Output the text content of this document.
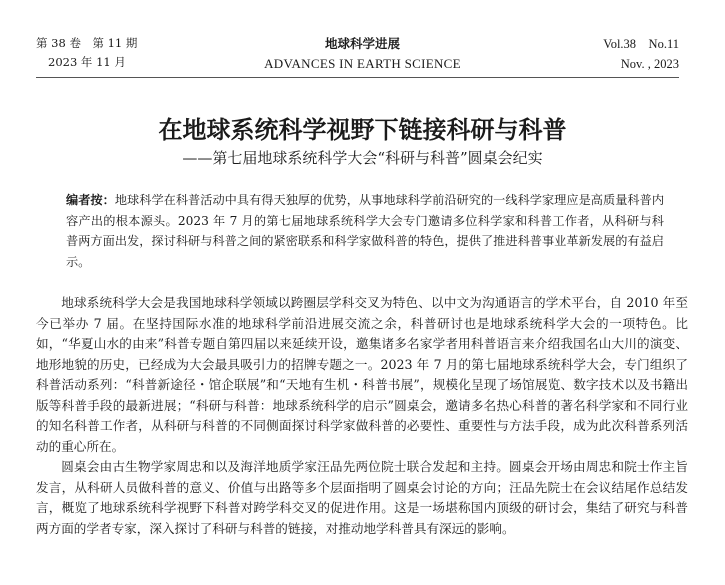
第 38 卷　第 11 期
2023 年 11 月
地球科学进展
ADVANCES IN EARTH SCIENCE
Vol.38　No.11
Nov. , 2023
在地球系统科学视野下链接科研与科普
——第七届地球系统科学大会“科研与科普”圆桌会纪实
编者按：地球科学在科普活动中具有得天独厚的优势，从事地球科学前沿研究的一线科学家理应是高质量科普内容产出的根本源头。2023 年 7 月的第七届地球系统科学大会专门邀请多位科学家和科普工作者，从科研与科普两方面出发，探讨科研与科普之间的紧密联系和科学家做科普的特色，提供了推进科普事业革新发展的有益启示。

地球系统科学大会是我国地球科学领域以跨圈层学科交叉为特色、以中文为沟通语言的学术平台，自 2010 年至今已举办 7 届。在坚持国际水准的地球科学前沿进展交流之余，科普研讨也是地球系统科学大会的一项特色。比如，“华夏山水的由来”科普专题自第四届以来延续开设，邀集诸多名家学者用科普语言来介绍我国名山大川的演变、地形地貌的历史，已经成为大会最具吸引力的招牌专题之一。2023 年 7 月的第七届地球系统科学大会，专门组织了科普活动系列：“科普新途径・馆企联展”和“天地有生机・科普书展”，规模化呈现了场馆展览、数字技术以及书籍出版等科普手段的最新进展；“科研与科普：地球系统科学的启示”圆桌会，邀请多名热心科普的著名科学家和不同行业的知名科普工作者，从科研与科普的不同侧面探讨科学家做科普的必要性、重要性与方法手段，成为此次科普系列活动的重心所在。

圆桌会由古生物学家周忠和以及海洋地质学家汪品先两位院士联合发起和主持。圆桌会开场由周忠和院士作主旨发言，从科研人员做科普的意义、价值与出路等多个层面指明了圆桌会讨论的方向；汪品先院士在会议结尾作总结发言，概览了地球系统科学视野下科普对跨学科交叉的促进作用。这是一场堪称国内顶级的研讨会，集结了研究与科普两方面的学者专家，深入探讨了科研与科普的链接，对推动地学科普具有深远的影响。
